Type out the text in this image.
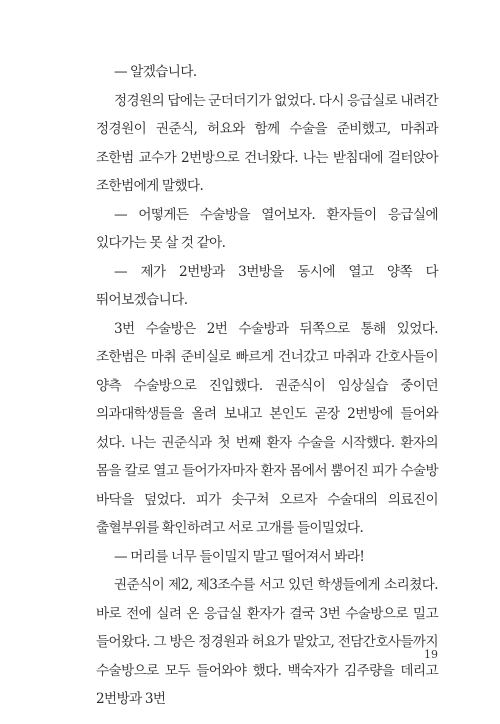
— 알겠습니다.

정경원의 답에는 군더더기가 없었다. 다시 응급실로 내려간 정경원이 권준식, 허요와 함께 수술을 준비했고, 마취과 조한범 교수가 2번방으로 건너왔다. 나는 받침대에 걸터앉아 조한범에게 말했다.

— 어떻게든 수술방을 열어보자. 환자들이 응급실에 있다가는 못 살 것 같아.

— 제가 2번방과 3번방을 동시에 열고 양쪽 다 뛰어보겠습니다.

3번 수술방은 2번 수술방과 뒤쪽으로 통해 있었다. 조한범은 마취 준비실로 빠르게 건너갔고 마취과 간호사들이 양측 수술방으로 진입했다. 권준식이 임상실습 중이던 의과대학생들을 올려 보내고 본인도 곧장 2번방에 들어와 섰다. 나는 권준식과 첫 번째 환자 수술을 시작했다. 환자의 몸을 칼로 열고 들어가자마자 환자 몸에서 뿜어진 피가 수술방 바닥을 덮었다. 피가 솟구쳐 오르자 수술대의 의료진이 출혈부위를 확인하려고 서로 고개를 들이밀었다.

— 머리를 너무 들이밀지 말고 떨어져서 봐라!

권준식이 제2, 제3조수를 서고 있던 학생들에게 소리쳤다. 바로 전에 실려 온 응급실 환자가 결국 3번 수술방으로 밀고 들어왔다. 그 방은 정경원과 허요가 맡았고, 전담간호사들까지 수술방으로 모두 들어와야 했다. 백숙자가 김주량을 데리고 2번방과 3번

19
